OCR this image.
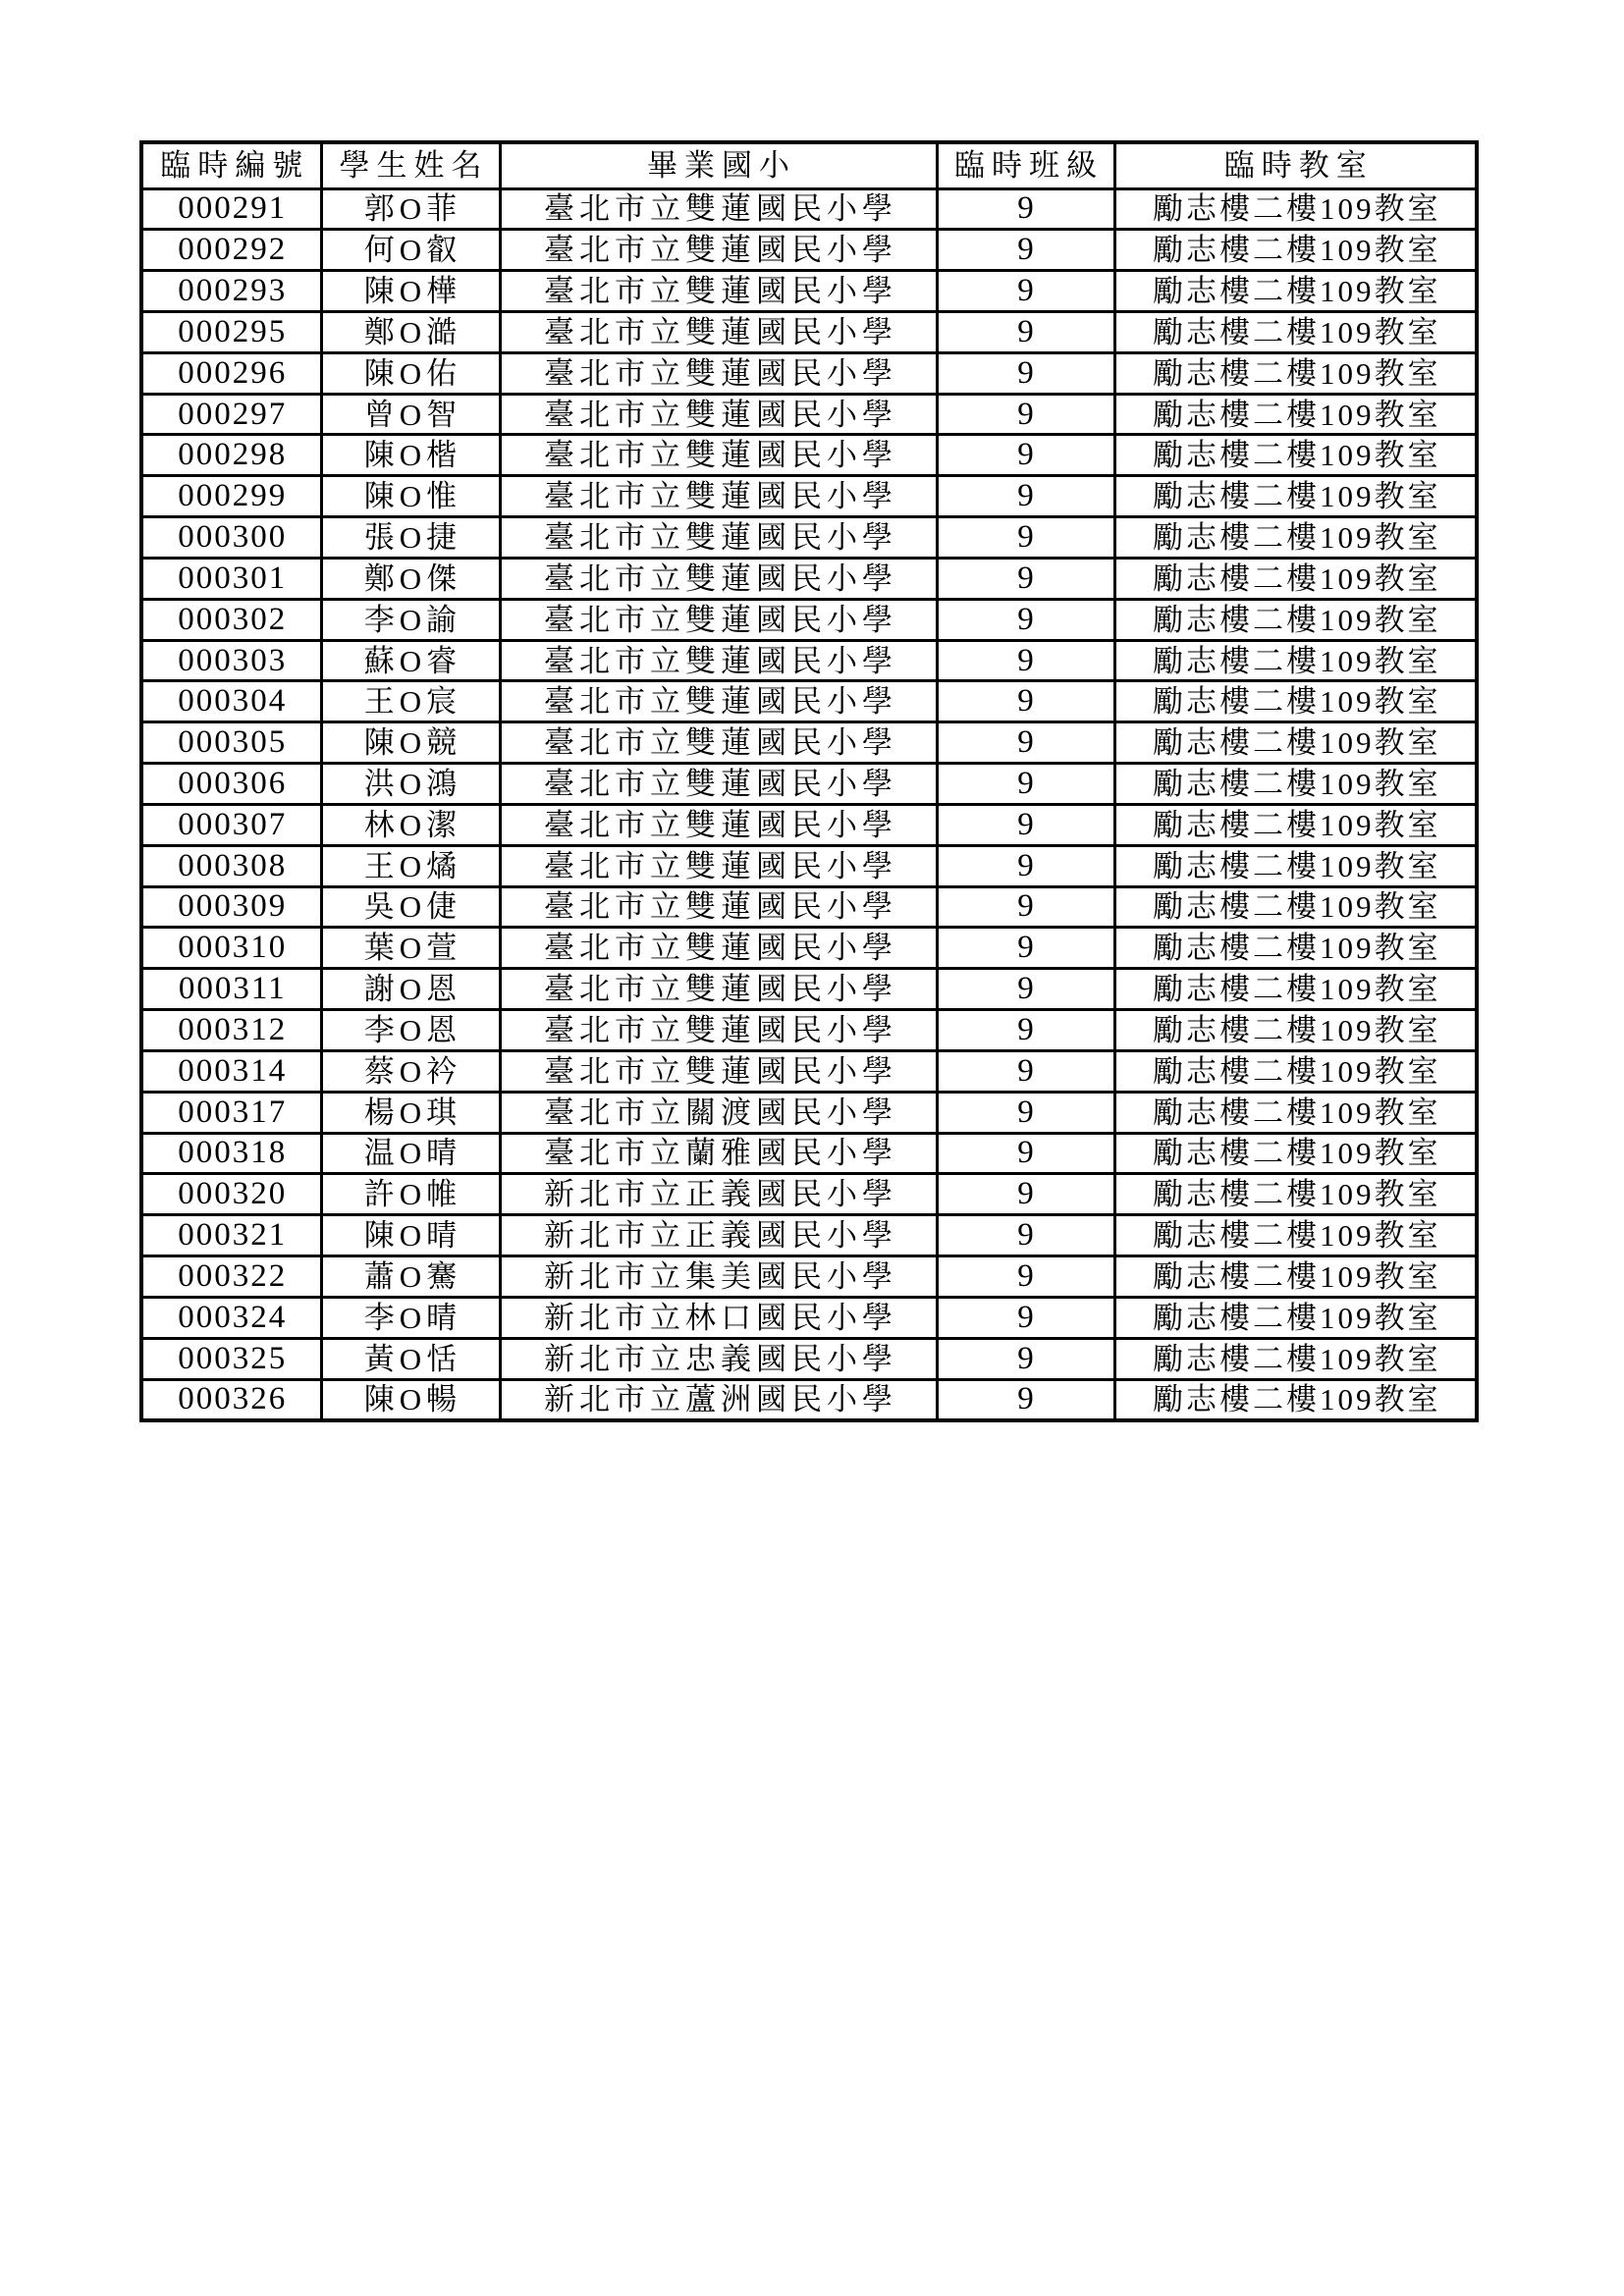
臨時編號	學生姓名	畢業國小	臨時班級	臨時教室
000291	郭O菲	臺北市立雙蓮國民小學	9	勵志樓二樓109教室
000292	何O叡	臺北市立雙蓮國民小學	9	勵志樓二樓109教室
000293	陳O樺	臺北市立雙蓮國民小學	9	勵志樓二樓109教室
000295	鄭O澔	臺北市立雙蓮國民小學	9	勵志樓二樓109教室
000296	陳O佑	臺北市立雙蓮國民小學	9	勵志樓二樓109教室
000297	曾O智	臺北市立雙蓮國民小學	9	勵志樓二樓109教室
000298	陳O楷	臺北市立雙蓮國民小學	9	勵志樓二樓109教室
000299	陳O惟	臺北市立雙蓮國民小學	9	勵志樓二樓109教室
000300	張O捷	臺北市立雙蓮國民小學	9	勵志樓二樓109教室
000301	鄭O傑	臺北市立雙蓮國民小學	9	勵志樓二樓109教室
000302	李O諭	臺北市立雙蓮國民小學	9	勵志樓二樓109教室
000303	蘇O睿	臺北市立雙蓮國民小學	9	勵志樓二樓109教室
000304	王O宸	臺北市立雙蓮國民小學	9	勵志樓二樓109教室
000305	陳O競	臺北市立雙蓮國民小學	9	勵志樓二樓109教室
000306	洪O鴻	臺北市立雙蓮國民小學	9	勵志樓二樓109教室
000307	林O潔	臺北市立雙蓮國民小學	9	勵志樓二樓109教室
000308	王O燏	臺北市立雙蓮國民小學	9	勵志樓二樓109教室
000309	吳O倢	臺北市立雙蓮國民小學	9	勵志樓二樓109教室
000310	葉O萱	臺北市立雙蓮國民小學	9	勵志樓二樓109教室
000311	謝O恩	臺北市立雙蓮國民小學	9	勵志樓二樓109教室
000312	李O恩	臺北市立雙蓮國民小學	9	勵志樓二樓109教室
000314	蔡O衿	臺北市立雙蓮國民小學	9	勵志樓二樓109教室
000317	楊O琪	臺北市立關渡國民小學	9	勵志樓二樓109教室
000318	温O晴	臺北市立蘭雅國民小學	9	勵志樓二樓109教室
000320	許O帷	新北市立正義國民小學	9	勵志樓二樓109教室
000321	陳O晴	新北市立正義國民小學	9	勵志樓二樓109教室
000322	蕭O騫	新北市立集美國民小學	9	勵志樓二樓109教室
000324	李O晴	新北市立林口國民小學	9	勵志樓二樓109教室
000325	黃O恬	新北市立忠義國民小學	9	勵志樓二樓109教室
000326	陳O暢	新北市立蘆洲國民小學	9	勵志樓二樓109教室
